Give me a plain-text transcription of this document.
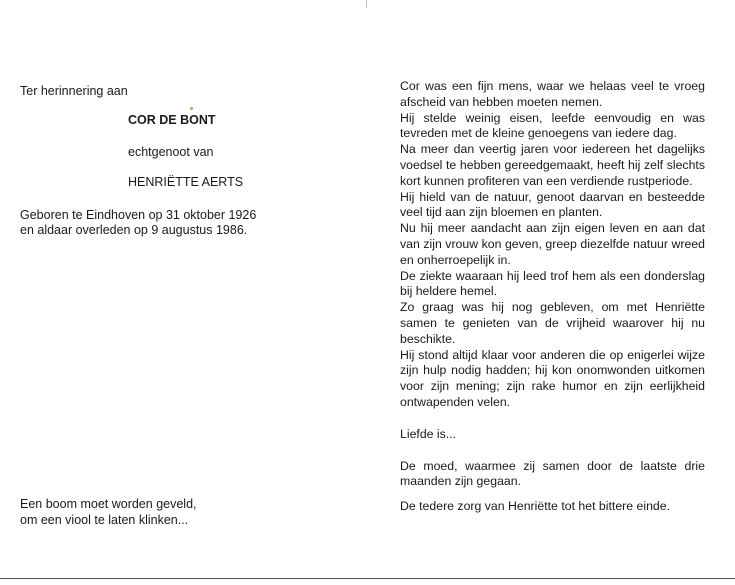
Ter herinnering aan
COR DE BONT
echtgenoot van
HENRIËTTE AERTS
Geboren te Eindhoven op 31 oktober 1926
en aldaar overleden op 9 augustus 1986.
Een boom moet worden geveld,
om een viool te laten klinken...

Cor was een fijn mens, waar we helaas veel te vroeg afscheid van hebben moeten nemen.

Hij stelde weinig eisen, leefde eenvoudig en was tevreden met de kleine genoegens van iedere dag.

Na meer dan veertig jaren voor iedereen het dagelijks voedsel te hebben gereedgemaakt, heeft hij zelf slechts kort kunnen profiteren van een verdiende rustperiode.

Hij hield van de natuur, genoot daarvan en besteedde veel tijd aan zijn bloemen en planten.

Nu hij meer aandacht aan zijn eigen leven en aan dat van zijn vrouw kon geven, greep diezelfde natuur wreed en onherroepelijk in.

De ziekte waaraan hij leed trof hem als een donderslag bij heldere hemel.

Zo graag was hij nog gebleven, om met Henriëtte samen te genieten van de vrijheid waarover hij nu beschikte.

Hij stond altijd klaar voor anderen die op enigerlei wijze zijn hulp nodig hadden; hij kon onomwonden uitkomen voor zijn mening; zijn rake humor en zijn eerlijkheid ontwapenden velen.

Liefde is...

De moed, waarmee zij samen door de laatste drie maanden zijn gegaan.

De tedere zorg van Henriëtte tot het bittere einde.
